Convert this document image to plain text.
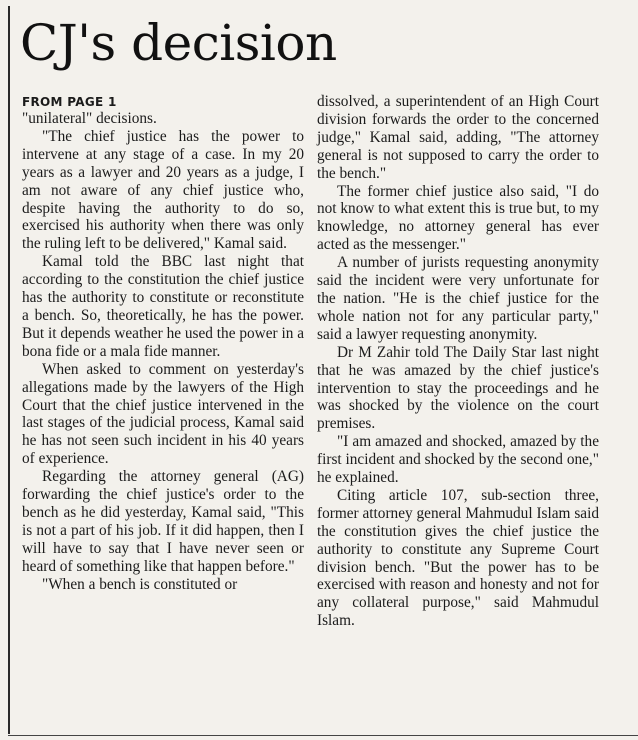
CJ's decision
FROM PAGE 1

"unilateral" decisions.

"The chief justice has the power to intervene at any stage of a case. In my 20 years as a lawyer and 20 years as a judge, I am not aware of any chief justice who, despite having the authority to do so, exercised his authority when there was only the ruling left to be delivered," Kamal said.

Kamal told the BBC last night that according to the constitution the chief justice has the authority to constitute or reconstitute a bench. So, theoretically, he has the power. But it depends weather he used the power in a bona fide or a mala fide manner.

When asked to comment on yesterday's allegations made by the lawyers of the High Court that the chief justice intervened in the last stages of the judicial process, Kamal said he has not seen such incident in his 40 years of experience.

Regarding the attorney general (AG) forwarding the chief justice's order to the bench as he did yesterday, Kamal said, "This is not a part of his job. If it did happen, then I will have to say that I have never seen or heard of something like that happen before."

"When a bench is constituted or

dissolved, a superintendent of an High Court division forwards the order to the concerned judge," Kamal said, adding, "The attorney general is not supposed to carry the order to the bench."

The former chief justice also said, "I do not know to what extent this is true but, to my knowledge, no attorney general has ever acted as the messenger."

A number of jurists requesting anonymity said the incident were very unfortunate for the nation. "He is the chief justice for the whole nation not for any particular party," said a lawyer requesting anonymity.

Dr M Zahir told The Daily Star last night that he was amazed by the chief justice's intervention to stay the proceedings and he was shocked by the violence on the court premises.

"I am amazed and shocked, amazed by the first incident and shocked by the second one," he explained.

Citing article 107, sub-section three, former attorney general Mahmudul Islam said the constitution gives the chief justice the authority to constitute any Supreme Court division bench. "But the power has to be exercised with reason and honesty and not for any collateral purpose," said Mahmudul Islam.
